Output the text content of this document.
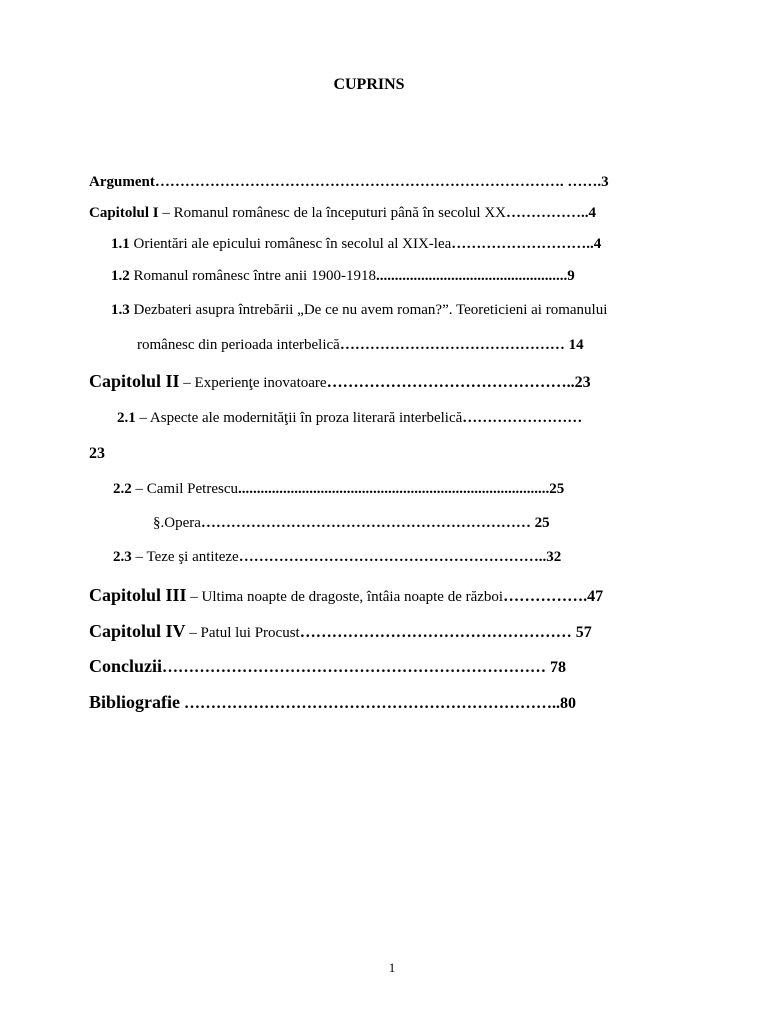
CUPRINS
Argument………………………………………………………………………. …….3
Capitolul I – Romanul românesc de la începuturi până în secolul XX……………..4
1.1 Orientări ale epicului românesc în secolul al XIX-lea………………………..4
1.2 Romanul românesc între anii 1900-1918...................................................9
1.3 Dezbateri asupra întrebării „De ce nu avem roman?”. Teoreticieni ai romanului
românesc din perioada interbelică……………………………………… 14
Capitolul II – Experienţe inovatoare………………………………………..23
2.1 – Aspecte ale modernităţii în proza literară interbelică……………………
23
2.2 – Camil Petrescu...................................................................................25
§.Opera………………………………………………………… 25
2.3 – Teze şi antiteze……………………………………………………..32
Capitolul III – Ultima noapte de dragoste, întâia noapte de război…………….47
Capitolul IV – Patul lui Procust…………………………………………… 57
Concluzii……………………………………………………………… 78
Bibliografie ……………………………………………………………..80
1
